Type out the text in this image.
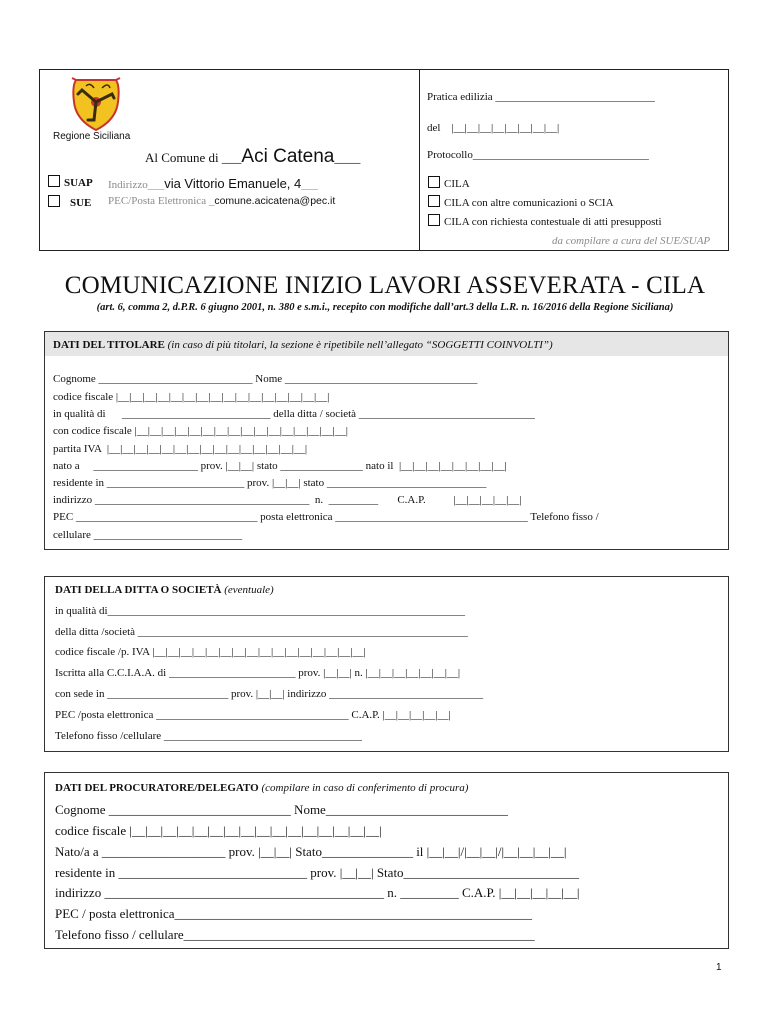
Regione Siciliana
Al Comune di ___Aci Catena____
SUAP Indirizzo___via Vittorio Emanuele, 4___
SUE PEC/Posta Elettronica _comune.acicatena@pec.it
Pratica edilizia _____________________________
del    |__|__|__|__|__|__|__|__|
Protocollo________________________________
CILA
CILA con altre comunicazioni o SCIA
CILA con richiesta contestuale di atti presupposti
da compilare a cura del SUE/SUAP
COMUNICAZIONE INIZIO LAVORI ASSEVERATA - CILA
(art. 6, comma 2, d.P.R. 6 giugno 2001, n. 380 e s.m.i., recepito con modifiche dall’art.3 della L.R. n. 16/2016 della Regione Siciliana)
DATI DEL TITOLARE (in caso di più titolari, la sezione è ripetibile nell’allegato “SOGGETTI COINVOLTI”)
Cognome ____________________________ Nome ___________________________________
codice fiscale |__|__|__|__|__|__|__|__|__|__|__|__|__|__|__|__|
in qualità di      ___________________________ della ditta / società ________________________________
con codice fiscale |__|__|__|__|__|__|__|__|__|__|__|__|__|__|__|__|
partita IVA  |__|__|__|__|__|__|__|__|__|__|__|__|__|__|__|
nato a     ___________________ prov. |__|__| stato _______________ nato il  |__|__|__|__|__|__|__|__|
residente in _________________________ prov. |__|__| stato _____________________________
indirizzo _______________________________________  n.  _________       C.A.P.          |__|__|__|__|__|
PEC _________________________________ posta elettronica ___________________________________ Telefono fisso /
cellulare ___________________________
DATI DELLA DITTA O SOCIETÀ (eventuale)
in qualità di_________________________________________________________________
della ditta /società ____________________________________________________________
codice fiscale /p. IVA |__|__|__|__|__|__|__|__|__|__|__|__|__|__|__|__|
Iscritta alla C.C.I.A.A. di _______________________ prov. |__|__| n. |__|__|__|__|__|__|__|
con sede in ______________________ prov. |__|__| indirizzo ____________________________
PEC /posta elettronica ___________________________________ C.A.P. |__|__|__|__|__|
Telefono fisso /cellulare ____________________________________
DATI DEL PROCURATORE/DELEGATO (compilare in caso di conferimento di procura)
Cognome ____________________________ Nome____________________________
codice fiscale |__|__|__|__|__|__|__|__|__|__|__|__|__|__|__|__|
Nato/a a ___________________ prov. |__|__| Stato______________ il |__|__|/|__|__|/|__|__|__|__|
residente in _____________________________ prov. |__|__| Stato___________________________
indirizzo ___________________________________________ n. _________ C.A.P. |__|__|__|__|__|
PEC / posta elettronica_______________________________________________________
Telefono fisso / cellulare______________________________________________________
1
